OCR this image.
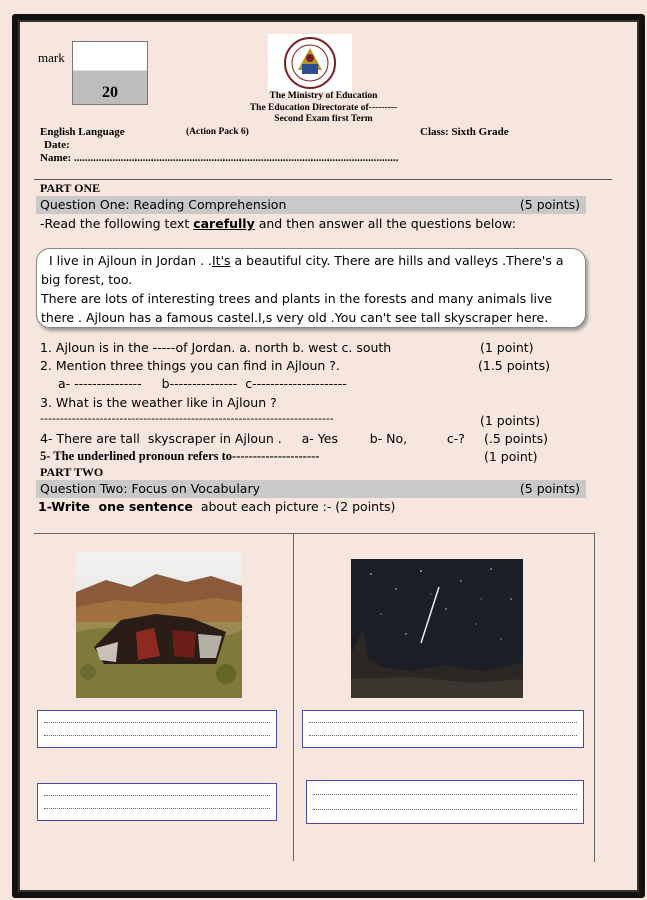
mark
20	The Ministry of Education
The Education Directorate of---------
Second Exam first Term
English Language	(Action Pack 6)	Class: Sixth Grade
Date:
Name: ......................................................................................................................
PART ONE
Question One: Reading Comprehension	(5 points)
-Read the following text carefully and then answer all the questions below:
I live in Ajloun in Jordan . .It's a beautiful city. There are hills and valleys .There's a big forest, too.
There are lots of interesting trees and plants in the forests and many animals live there . Ajloun has a famous castel.I,s very old .You can't see tall skyscraper here.
1. Ajloun is in the -----of Jordan. a. north b. west c. south	(1 point)
2. Mention three things you can find in Ajloun ?.	(1.5 points)
a- ---------------     b---------------  c---------------------
3. What is the weather like in Ajloun ?
--------------------------------------------------------------------------	(1 points)
4- There are tall  skyscraper in Ajloun .     a- Yes        b- No,          c-? (.5 points)
5- The underlined pronoun refers to---------------------	(1 point)
PART TWO
Question Two: Focus on Vocabulary	(5 points)
1-Write  one sentence  about each picture :- (2 points)
